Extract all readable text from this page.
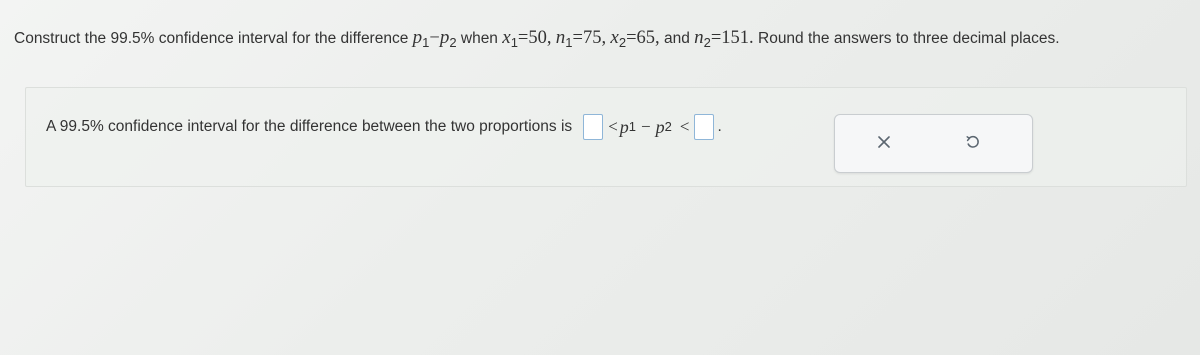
Construct the 99.5% confidence interval for the difference $p_1-p_2$ when $x_1=50$, $n_1=75$, $x_2=65$, and $n_2=151$. Round the answers to three decimal places.
A 99.5% confidence interval for the difference between the two proportions is < p 1 − p 2 < .
